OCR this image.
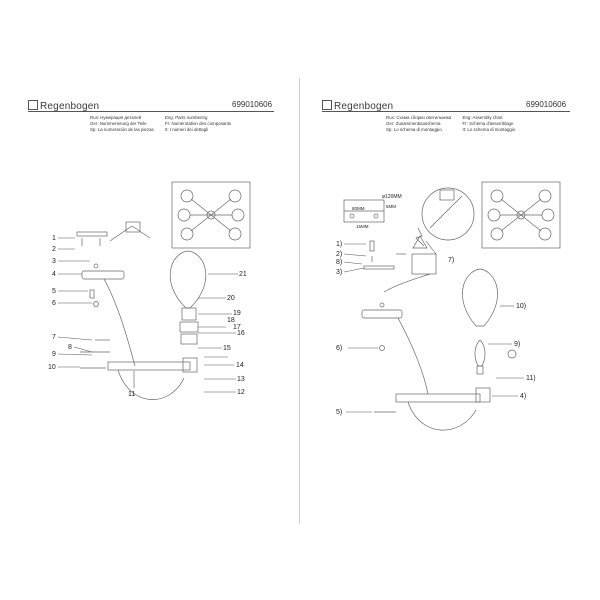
Regenbogen	699010606
Rus: Нумерация деталей
Ger: Nummerierung der Teile
Sp: La numeración de las piezas

Eng: Parts numbering
Fr: Numérotation des composants
It: I numeri dei dettagli
1
2
3
4
5
6
7
8
9
10
11	12
13
14
15
16
17
18
19
20
21
Regenbogen	699010606
Rus: Схема сборки светильника
Ger: Zusammenbauschema
Sp: Lo schema di montaggio

Eng: Assembly chart
Fr: Schéma d'assemblage
It: Lo schema di montaggio
ø120MM
80MM	5MM
15MM
1)
2)
8)
3)
6)
5)
7)
10)
9)
11)
4)
